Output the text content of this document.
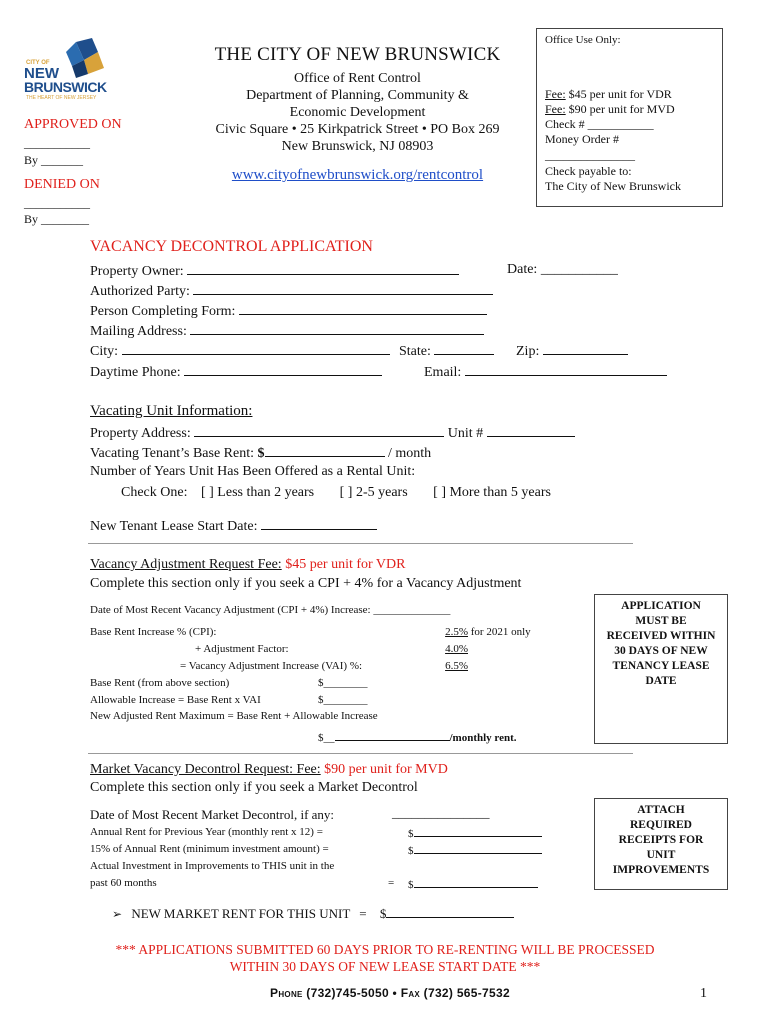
CITY OF
NEW
BRUNSWICK
THE HEART OF NEW JERSEY
APPROVED ON
___________
By _______
DENIED ON
___________
By ________
THE CITY OF NEW BRUNSWICK
Office of Rent Control
Department of Planning, Community &
Economic Development
Civic Square • 25 Kirkpatrick Street • PO Box 269
New Brunswick, NJ 08903
www.cityofnewbrunswick.org/rentcontrol
Office Use Only:
Fee: $45 per unit for VDR
Fee: $90 per unit for MVD
Check # ___________
Money Order #
_______________
Check payable to:
The City of New Brunswick
VACANCY DECONTROL APPLICATION
Property Owner:	Date: ___________
Authorized Party:
Person Completing Form:
Mailing Address:
City:	State:	Zip:
Daytime Phone:	Email:
Vacating Unit Information:
Property Address:	Unit #
Vacating Tenant’s Base Rent: $	/ month
Number of Years Unit Has Been Offered as a Rental Unit:
Check One: [ ] Less than 2 years [ ] 2-5 years [ ] More than 5 years
New Tenant Lease Start Date:
Vacancy Adjustment Request Fee: $45 per unit for VDR
Complete this section only if you seek a CPI + 4% for a Vacancy Adjustment
Date of Most Recent Vacancy Adjustment (CPI + 4%) Increase: ______________
Base Rent Increase % (CPI):	2.5% for 2021 only
+ Adjustment Factor:	4.0%
= Vacancy Adjustment Increase (VAI) %:	6.5%
Base Rent (from above section)	$________
Allowable Increase = Base Rent x VAI	$________
New Adjusted Rent Maximum = Base Rent + Allowable Increase
$__	/monthly rent.
APPLICATION
MUST BE
RECEIVED WITHIN
30 DAYS OF NEW
TENANCY LEASE
DATE
Market Vacancy Decontrol Request: Fee: $90 per unit for MVD
Complete this section only if you seek a Market Decontrol
Date of Most Recent Market Decontrol, if any:	_______________
Annual Rent for Previous Year (monthly rent x 12) =	$
15% of Annual Rent (minimum investment amount) =	$
Actual Investment in Improvements to THIS unit in the
past 60 months	= $
ATTACH
REQUIRED
RECEIPTS FOR
UNIT
IMPROVEMENTS
➢ NEW MARKET RENT FOR THIS UNIT = $
*** APPLICATIONS SUBMITTED 60 DAYS PRIOR TO RE-RENTING WILL BE PROCESSED
WITHIN 30 DAYS OF NEW LEASE START DATE ***
Phone (732)745-5050 • Fax (732) 565-7532	1
